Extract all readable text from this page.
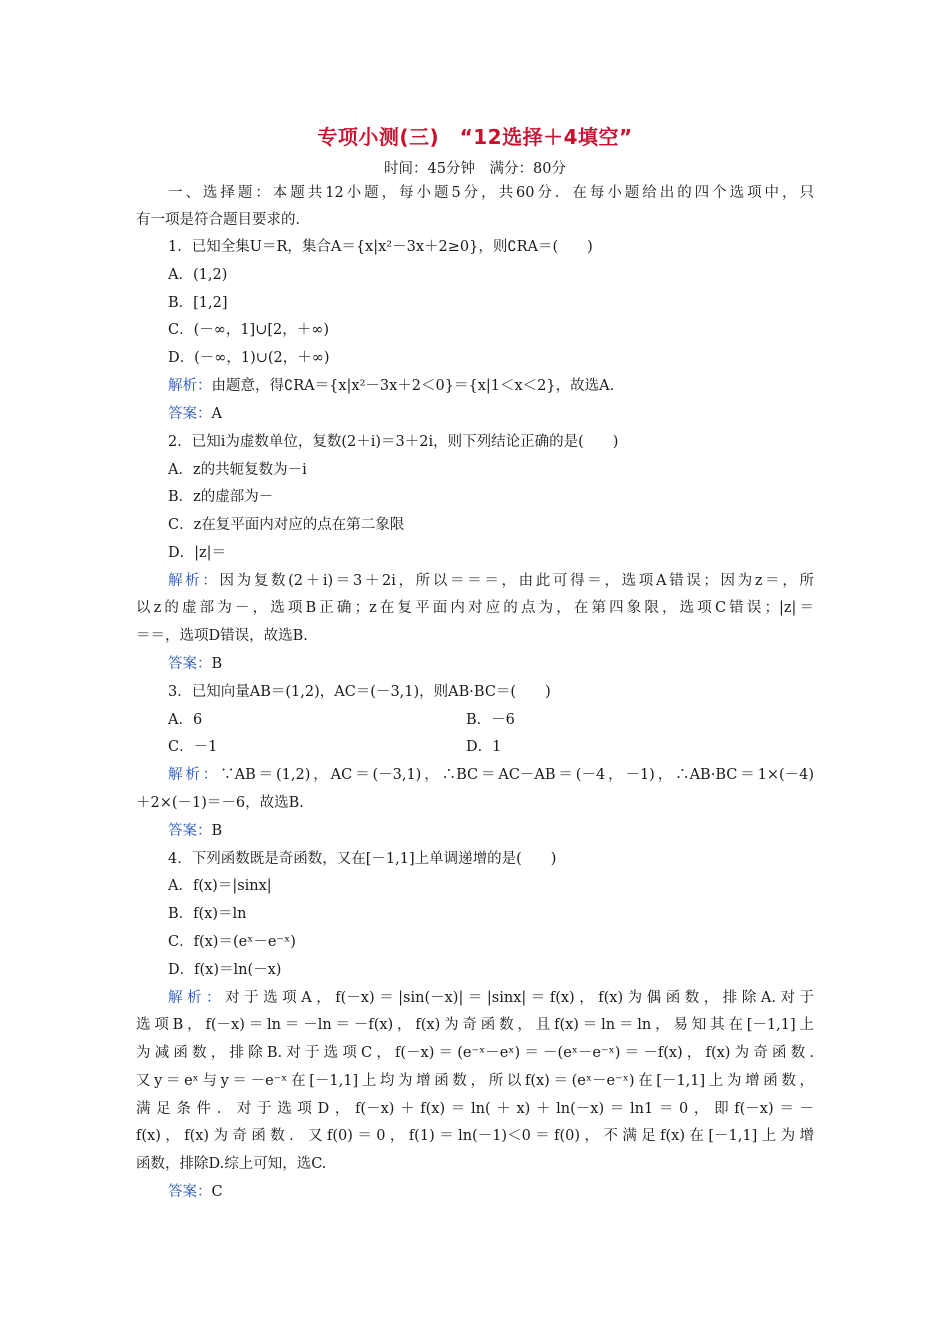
专项小测(三)　“12选择＋4填空”
时间：45分钟　满分：80分
一、选择题：本题共12小题，每小题5分，共60分．在每小题给出的四个选项中，只
有一项是符合题目要求的．
1．已知全集U＝R，集合A＝{x|x²－3x＋2≥0}，则∁RA＝(　　)
A．(1,2)
B．[1,2]
C．(－∞，1]∪[2，＋∞)
D．(－∞，1)∪(2，＋∞)
解析：由题意，得∁RA＝{x|x²－3x＋2＜0}＝{x|1＜x＜2}，故选A.
答案：A
2．已知i为虚数单位，复数(2＋i)＝3＋2i，则下列结论正确的是(　　)
A．z的共轭复数为－i
B．z的虚部为－
C．z在复平面内对应的点在第二象限
D．|z|＝
解析：因为复数(2＋i)＝3＋2i，所以＝＝＝，由此可得＝，选项A错误；因为z＝，所
以z的虚部为－，选项B正确；z在复平面内对应的点为，在第四象限，选项C错误；|z|＝
＝＝，选项D错误，故选B.
答案：B
3．已知向量AB＝(1,2)，AC＝(－3,1)，则AB·BC＝(　　)
A．6	B．－6
C．－1	D．1
解析：∵AB＝(1,2)，AC＝(－3,1)，∴BC＝AC－AB＝(－4，－1)，∴AB·BC＝1×(－4)
＋2×(－1)＝－6，故选B.
答案：B
4．下列函数既是奇函数，又在[－1,1]上单调递增的是(　　)
A．f(x)＝|sinx|
B．f(x)＝ln
C．f(x)＝(eˣ－e⁻ˣ)
D．f(x)＝ln(－x)
解析：对于选项A，f(－x)＝|sin(－x)|＝|sinx|＝f(x)，f(x)为偶函数，排除A.对于
选项B，f(－x)＝ln＝－ln＝－f(x)，f(x)为奇函数，且f(x)＝ln＝ln，易知其在[－1,1]上
为减函数，排除B.对于选项C，f(－x)＝(e⁻ˣ－eˣ)＝－(eˣ－e⁻ˣ)＝－f(x)，f(x)为奇函数.
又y＝eˣ与y＝－e⁻ˣ在[－1,1]上均为增函数，所以f(x)＝(eˣ－e⁻ˣ)在[－1,1]上为增函数，
满足条件．对于选项D，f(－x)＋f(x)＝ln(＋x)＋ln(－x)＝ln1＝0，即f(－x)＝－
f(x)，f(x)为奇函数．又f(0)＝0，f(1)＝ln(－1)＜0＝f(0)，不满足f(x)在[－1,1]上为增
函数，排除D.综上可知，选C.
答案：C
